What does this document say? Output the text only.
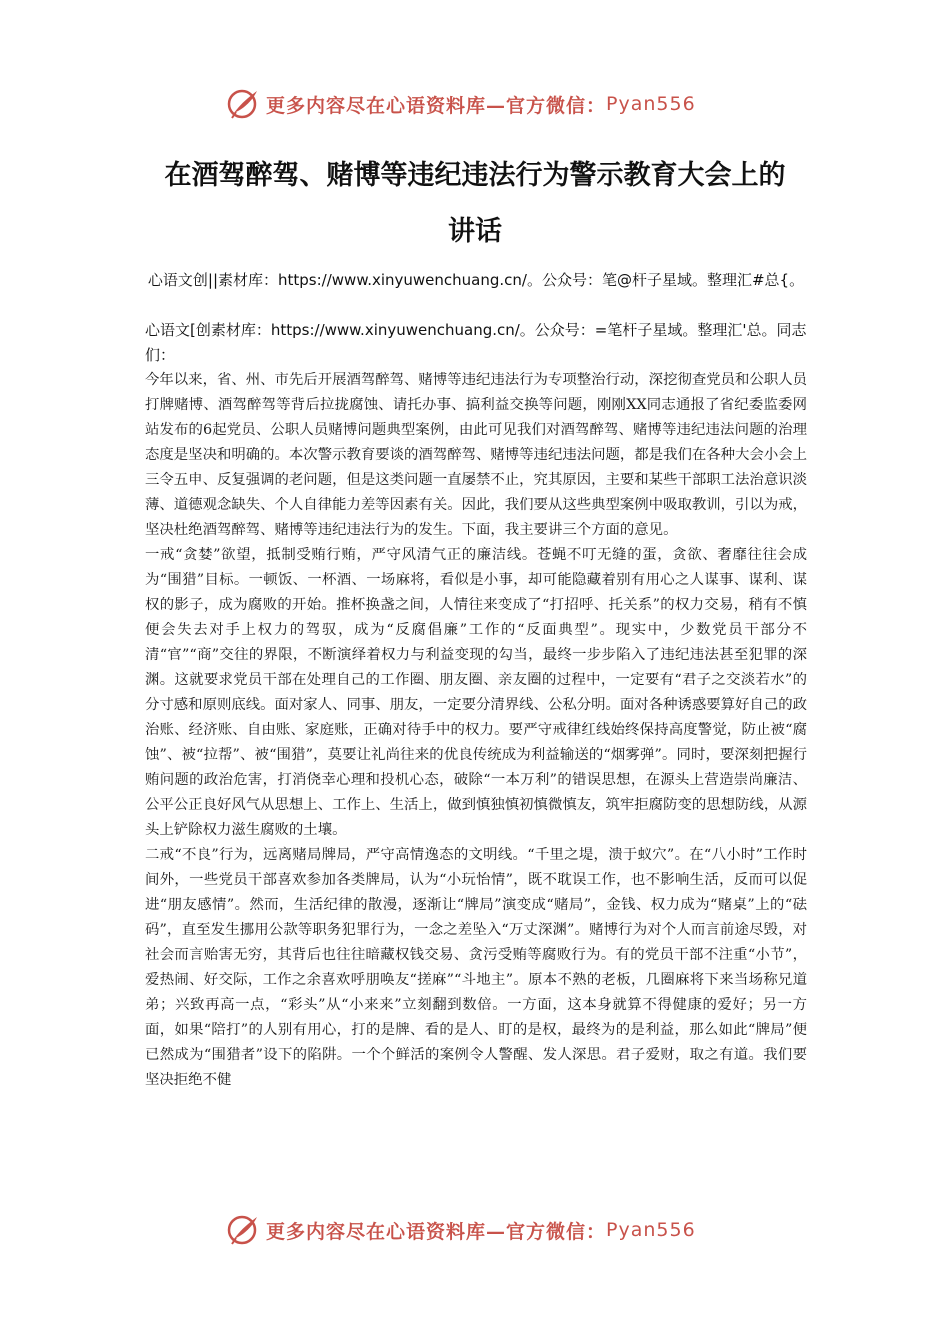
更多内容尽在心语资料库—官方微信： Pyan556
在酒驾醉驾、赌博等违纪违法行为警示教育大会上的
讲话
心语文创||素材库：https://www.xinyuwenchuang.cn/。公众号：笔@杆子星域。整理汇#总{。
心语文[创素材库：https://www.xinyuwenchuang.cn/。公众号：=笔杆子星域。整理汇'总。同志们：

今年以来，省、州、市先后开展酒驾醉驾、赌博等违纪违法行为专项整治行动，深挖彻查党员和公职人员打牌赌博、酒驾醉驾等背后拉拢腐蚀、请托办事、搞利益交换等问题，刚刚XX同志通报了省纪委监委网站发布的6起党员、公职人员赌博问题典型案例，由此可见我们对酒驾醉驾、赌博等违纪违法问题的治理态度是坚决和明确的。本次警示教育要谈的酒驾醉驾、赌博等违纪违法问题，都是我们在各种大会小会上三令五申、反复强调的老问题，但是这类问题一直屡禁不止，究其原因，主要和某些干部职工法治意识淡薄、道德观念缺失、个人自律能力差等因素有关。因此，我们要从这些典型案例中吸取教训，引以为戒，坚决杜绝酒驾醉驾、赌博等违纪违法行为的发生。下面，我主要讲三个方面的意见。

一戒“贪婪”欲望，抵制受贿行贿，严守风清气正的廉洁线。苍蝇不叮无缝的蛋，贪欲、奢靡往往会成为“围猎”目标。一顿饭、一杯酒、一场麻将，看似是小事，却可能隐藏着别有用心之人谋事、谋利、谋权的影子，成为腐败的开始。推杯换盏之间，人情往来变成了“打招呼、托关系”的权力交易，稍有不慎便会失去对手上权力的驾驭，成为“反腐倡廉”工作的“反面典型”。现实中，少数党员干部分不清“官”“商”交往的界限，不断演绎着权力与利益变现的勾当，最终一步步陷入了违纪违法甚至犯罪的深渊。这就要求党员干部在处理自己的工作圈、朋友圈、亲友圈的过程中，一定要有“君子之交淡若水”的分寸感和原则底线。面对家人、同事、朋友，一定要分清界线、公私分明。面对各种诱惑要算好自己的政治账、经济账、自由账、家庭账，正确对待手中的权力。要严守戒律红线始终保持高度警觉，防止被“腐蚀”、被“拉帮”、被“围猎”，莫要让礼尚往来的优良传统成为利益输送的“烟雾弹”。同时，要深刻把握行贿问题的政治危害，打消侥幸心理和投机心态，破除“一本万利”的错误思想，在源头上营造崇尚廉洁、公平公正良好风气从思想上、工作上、生活上，做到慎独慎初慎微慎友，筑牢拒腐防变的思想防线，从源头上铲除权力滋生腐败的土壤。

二戒“不良”行为，远离赌局牌局，严守高情逸态的文明线。“千里之堤，溃于蚁穴”。在“八小时”工作时间外，一些党员干部喜欢参加各类牌局，认为“小玩怡情”，既不耽误工作，也不影响生活，反而可以促进“朋友感情”。然而，生活纪律的散漫，逐渐让“牌局”演变成“赌局”，金钱、权力成为“赌桌”上的“砝码”，直至发生挪用公款等职务犯罪行为，一念之差坠入“万丈深渊”。赌博行为对个人而言前途尽毁，对社会而言贻害无穷，其背后也往往暗藏权钱交易、贪污受贿等腐败行为。有的党员干部不注重“小节”，爱热闹、好交际，工作之余喜欢呼朋唤友“搓麻”“斗地主”。原本不熟的老板，几圈麻将下来当场称兄道弟；兴致再高一点，“彩头”从“小来来”立刻翻到数倍。一方面，这本身就算不得健康的爱好；另一方面，如果“陪打”的人别有用心，打的是牌、看的是人、盯的是权，最终为的是利益，那么如此“牌局”便已然成为“围猎者”设下的陷阱。一个个鲜活的案例令人警醒、发人深思。君子爱财，取之有道。我们要坚决拒绝不健

更多内容尽在心语资料库—官方微信： Pyan556
